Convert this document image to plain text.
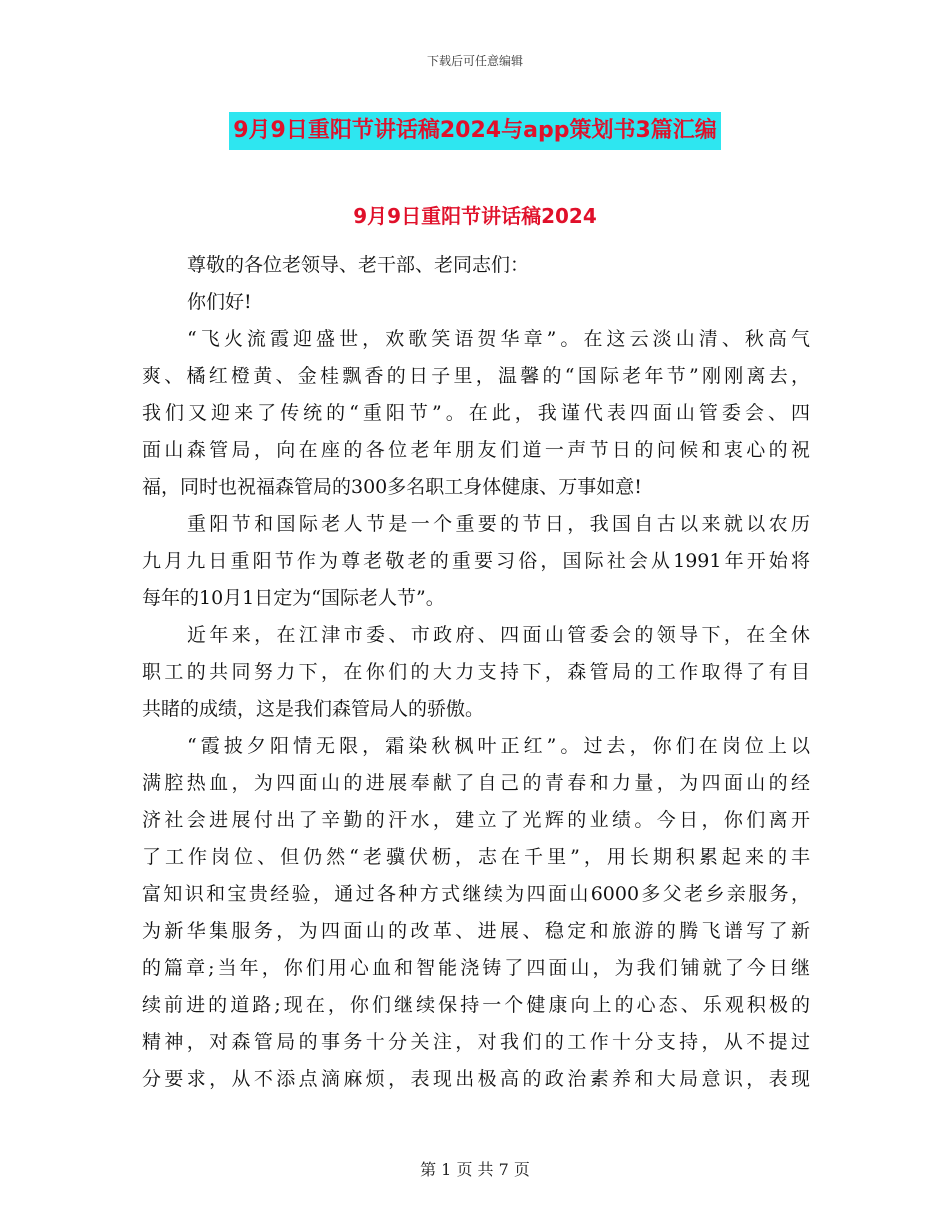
下载后可任意编辑
9月9日重阳节讲话稿2024与app策划书3篇汇编
9月9日重阳节讲话稿2024
尊敬的各位老领导、老干部、老同志们：
你们好!
“飞火流霞迎盛世，欢歌笑语贺华章”。在这云淡山清、秋高气
爽、橘红橙黄、金桂飘香的日子里，温馨的“国际老年节”刚刚离去，
我们又迎来了传统的“重阳节”。在此，我谨代表四面山管委会、四
面山森管局，向在座的各位老年朋友们道一声节日的问候和衷心的祝
福，同时也祝福森管局的300多名职工身体健康、万事如意!
重阳节和国际老人节是一个重要的节日，我国自古以来就以农历
九月九日重阳节作为尊老敬老的重要习俗，国际社会从1991年开始将
每年的10月1日定为“国际老人节”。
近年来，在江津市委、市政府、四面山管委会的领导下，在全休
职工的共同努力下，在你们的大力支持下，森管局的工作取得了有目
共睹的成绩，这是我们森管局人的骄傲。
“霞披夕阳情无限，霜染秋枫叶正红”。过去，你们在岗位上以
满腔热血，为四面山的进展奉献了自己的青春和力量，为四面山的经
济社会进展付出了辛勤的汗水，建立了光辉的业绩。今日，你们离开
了工作岗位、但仍然“老骥伏枥，志在千里”，用长期积累起来的丰
富知识和宝贵经验，通过各种方式继续为四面山6000多父老乡亲服务，
为新华集服务，为四面山的改革、进展、稳定和旅游的腾飞谱写了新
的篇章;当年，你们用心血和智能浇铸了四面山，为我们铺就了今日继
续前进的道路;现在，你们继续保持一个健康向上的心态、乐观积极的
精神，对森管局的事务十分关注，对我们的工作十分支持，从不提过
分要求，从不添点滴麻烦，表现出极高的政治素养和大局意识，表现
第 1 页 共 7 页
